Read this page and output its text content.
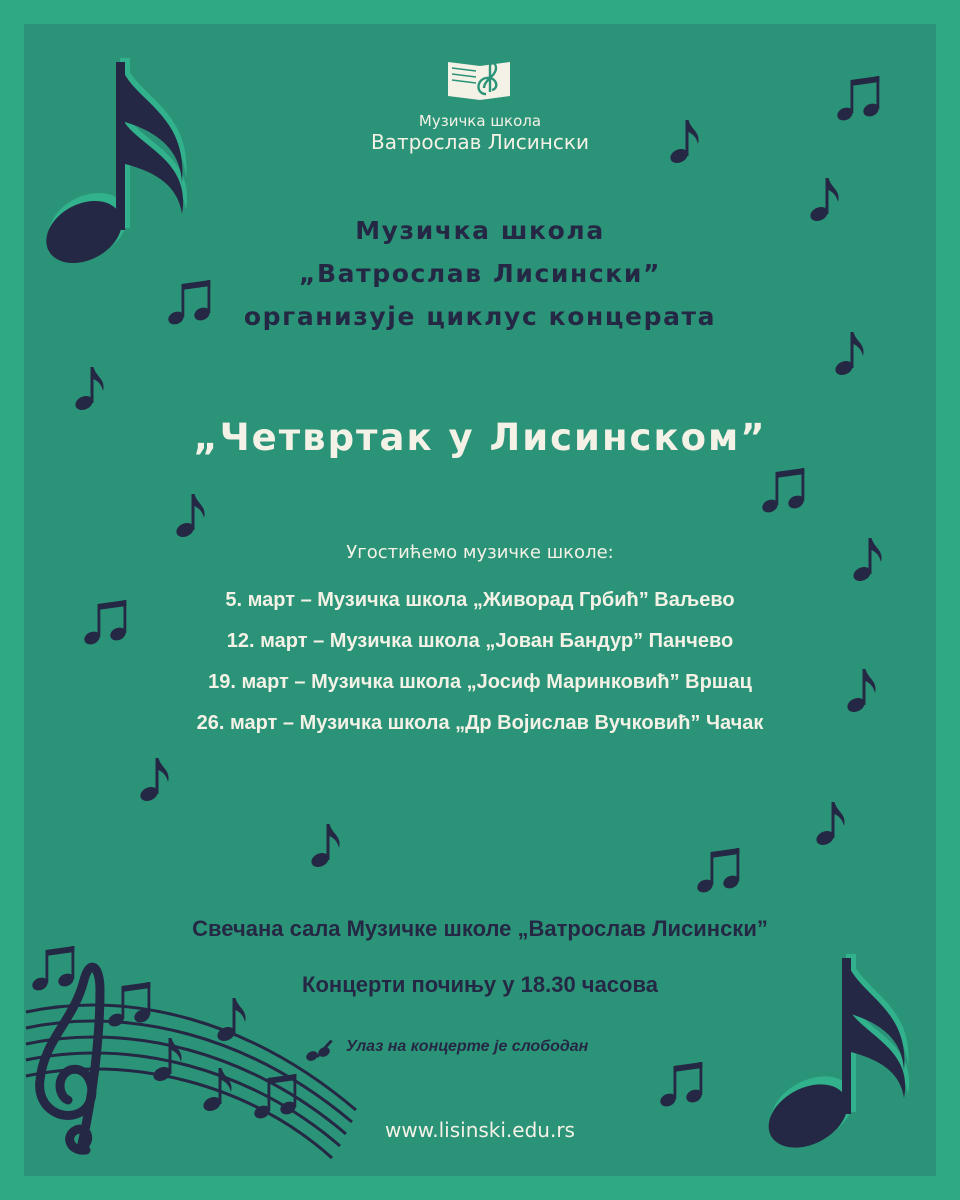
Музичка школа

Ватрослав Лисински

Музичка школа

„Ватрослав Лисински”

организује циклус концерата

„Четвртак у Лисинском”

Угостићемо музичке школе:

5. март – Музичка школа „Живорад Грбић” Ваљево

12. март – Музичка школа „Јован Бандур” Панчево

19. март – Музичка школа „Јосиф Маринковић” Вршац

26. март – Музичка школа „Др Војислав Вучковић” Чачак

Свечана сала Музичке школе „Ватрослав Лисински”

Концерти почињу у 18.30 часова

Улаз на концерте је слободан

www.lisinski.edu.rs
